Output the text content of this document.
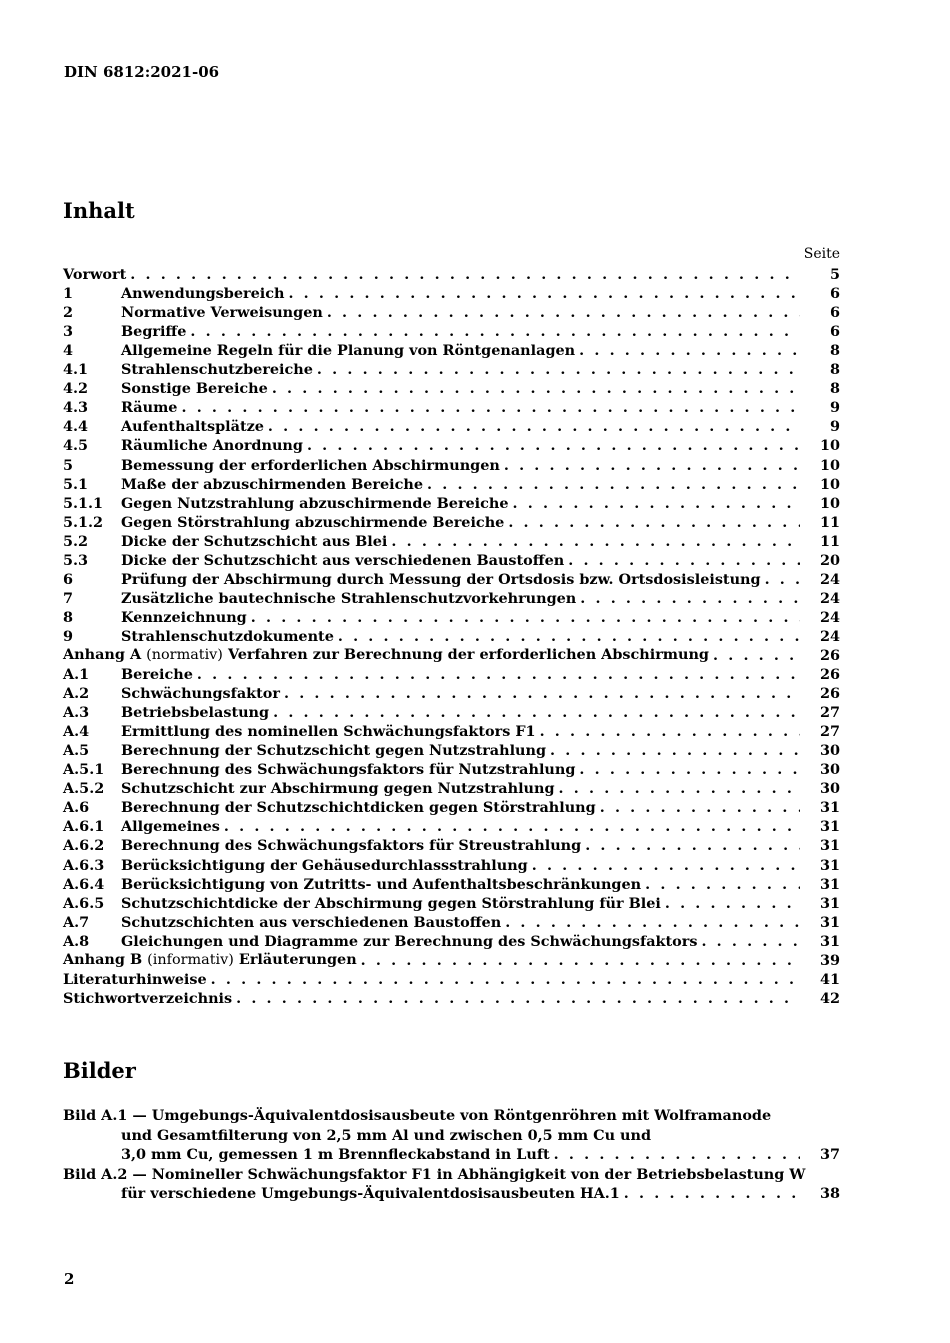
DIN 6812:2021-06
Inhalt
Seite
Vorwort . . .	5
1	Anwendungsbereich . . .	6
2	Normative Verweisungen . . .	6
3	Begriffe . . .	6
4	Allgemeine Regeln für die Planung von Röntgenanlagen . . .	8
4.1	Strahlenschutzbereiche . . .	8
4.2	Sonstige Bereiche . . .	8
4.3	Räume . . .	9
4.4	Aufenthaltsplätze . . .	9
4.5	Räumliche Anordnung . . .	10
5	Bemessung der erforderlichen Abschirmungen . . .	10
5.1	Maße der abzuschirmenden Bereiche . . .	10
5.1.1	Gegen Nutzstrahlung abzuschirmende Bereiche . . .	10
5.1.2	Gegen Störstrahlung abzuschirmende Bereiche . . .	11
5.2	Dicke der Schutzschicht aus Blei . . .	11
5.3	Dicke der Schutzschicht aus verschiedenen Baustoffen . . .	20
6	Prüfung der Abschirmung durch Messung der Ortsdosis bzw. Ortsdosisleistung . . .	24
7	Zusätzliche bautechnische Strahlenschutzvorkehrungen . . .	24
8	Kennzeichnung . . .	24
9	Strahlenschutzdokumente . . .	24
Anhang A (normativ) Verfahren zur Berechnung der erforderlichen Abschirmung . . .	26
A.1	Bereiche . . .	26
A.2	Schwächungsfaktor . . .	26
A.3	Betriebsbelastung . . .	27
A.4	Ermittlung des nominellen Schwächungsfaktors F1 . . .	27
A.5	Berechnung der Schutzschicht gegen Nutzstrahlung . . .	30
A.5.1	Berechnung des Schwächungsfaktors für Nutzstrahlung . . .	30
A.5.2	Schutzschicht zur Abschirmung gegen Nutzstrahlung . . .	30
A.6	Berechnung der Schutzschichtdicken gegen Störstrahlung . . .	31
A.6.1	Allgemeines . . .	31
A.6.2	Berechnung des Schwächungsfaktors für Streustrahlung . . .	31
A.6.3	Berücksichtigung der Gehäusedurchlassstrahlung . . .	31
A.6.4	Berücksichtigung von Zutritts- und Aufenthaltsbeschränkungen . . .	31
A.6.5	Schutzschichtdicke der Abschirmung gegen Störstrahlung für Blei . . .	31
A.7	Schutzschichten aus verschiedenen Baustoffen . . .	31
A.8	Gleichungen und Diagramme zur Berechnung des Schwächungsfaktors . . .	31
Anhang B (informativ) Erläuterungen . . .	39
Literaturhinweise . . .	41
Stichwortverzeichnis . . .	42
Bilder
Bild A.1 — Umgebungs-Äquivalentdosisausbeute von Röntgenröhren mit Wolframanode
und Gesamtfilterung von 2,5 mm Al und zwischen 0,5 mm Cu und
3,0 mm Cu, gemessen 1 m Brennfleckabstand in Luft . . .	37
Bild A.2 — Nomineller Schwächungsfaktor F1 in Abhängigkeit von der Betriebsbelastung W
für verschiedene Umgebungs-Äquivalentdosisausbeuten HA.1 . . .	38
2
